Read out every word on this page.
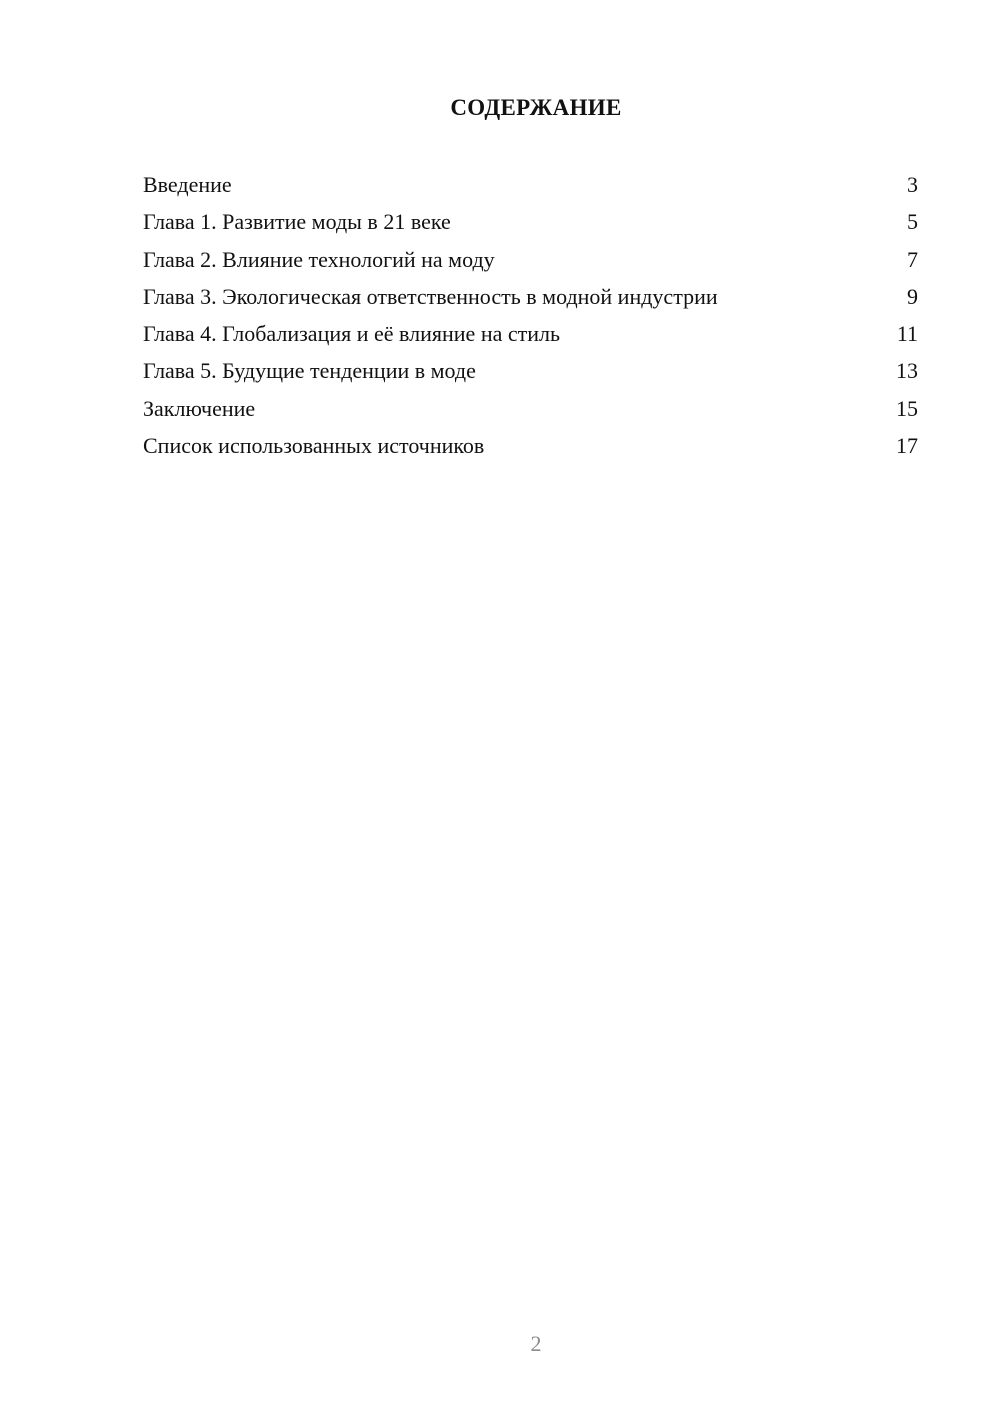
СОДЕРЖАНИЕ
Введение	3
Глава 1. Развитие моды в 21 веке	5
Глава 2. Влияние технологий на моду	7
Глава 3. Экологическая ответственность в модной индустрии	9
Глава 4. Глобализация и её влияние на стиль	11
Глава 5. Будущие тенденции в моде	13
Заключение	15
Список использованных источников	17
2
